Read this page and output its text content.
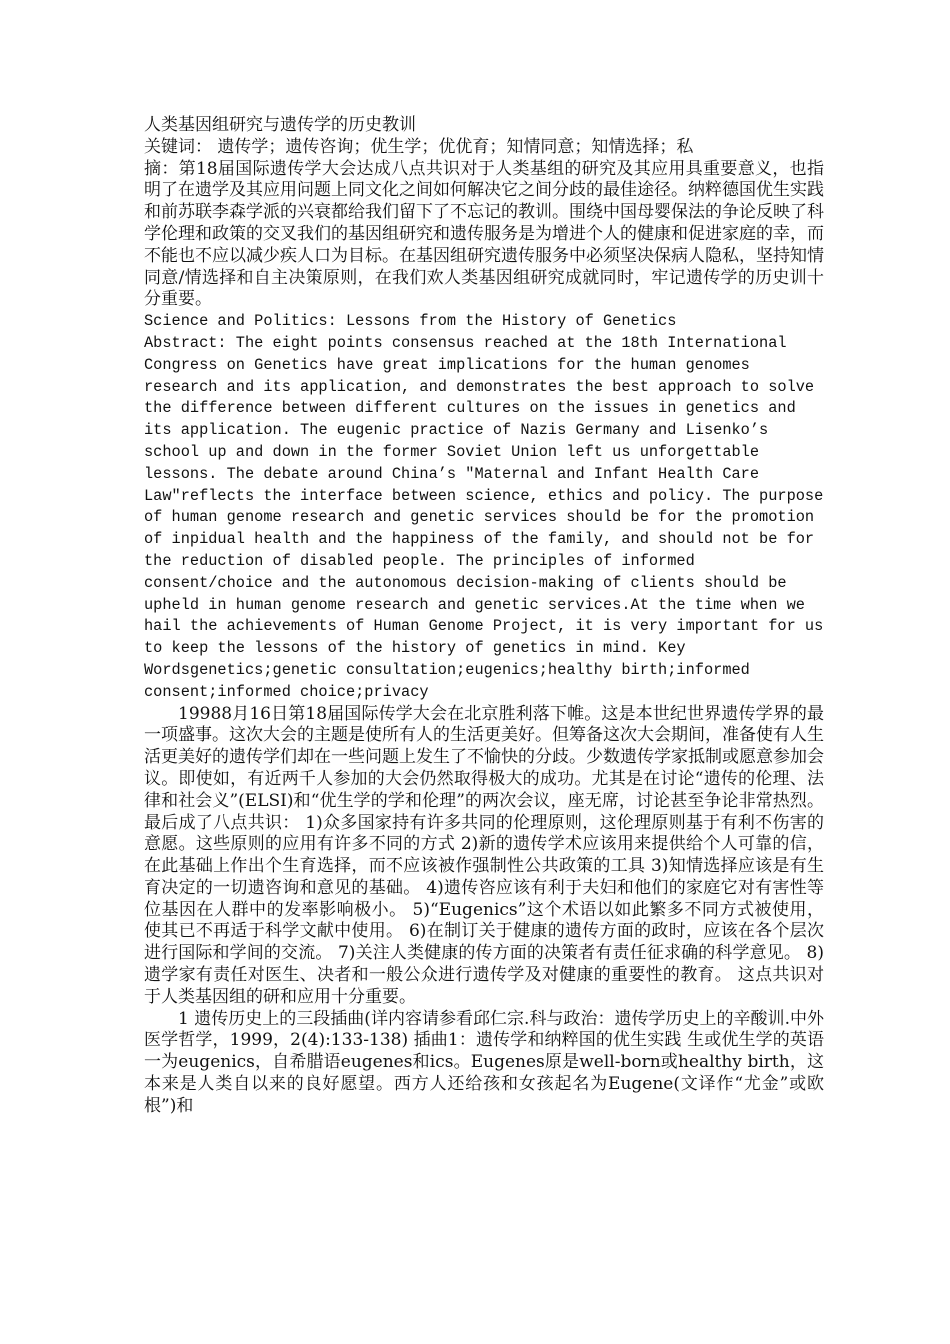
人类基因组研究与遗传学的历史教训

关键词： 遗传学；遗传咨询；优生学；优优育；知情同意；知情选择；私

摘：第18届国际遗传学大会达成八点共识对于人类基组的研究及其应用具重要意义，也指明了在遗学及其应用问题上同文化之间如何解决它之间分歧的最佳途径。纳粹德国优生实践和前苏联李森学派的兴衰都给我们留下了不忘记的教训。围绕中国母婴保法的争论反映了科学伦理和政策的交叉我们的基因组研究和遗传服务是为增进个人的健康和促进家庭的幸，而不能也不应以减少疾人口为目标。在基因组研究遗传服务中必须坚决保病人隐私，坚持知情同意/情选择和自主决策原则，在我们欢人类基因组研究成就同时，牢记遗传学的历史训十分重要。

Science and Politics: Lessons from the History of Genetics

Abstract: The eight points consensus reached at the 18th International Congress on Genetics have great implications for the human genomes research and its application, and demonstrates the best approach to solve the difference between different cultures on the issues in genetics and its application. The eugenic practice of Nazis Germany and Lisenko’s school up and down in the former Soviet Union left us unforgettable lessons. The debate around China’s "Maternal and Infant Health Care Law"reflects the interface between science, ethics and policy. The purpose of human genome research and genetic services should be for the promotion of inpidual health and the happiness of the family, and should not be for the reduction of disabled people. The principles of informed consent/choice and the autonomous decision-making of clients should be upheld in human genome research and genetic services.At the time when we hail the achievements of Human Genome Project, it is very important for us to keep the lessons of the history of genetics in mind. Key Wordsgenetics;genetic consultation;eugenics;healthy birth;informed consent;informed choice;privacy

19988月16日第18届国际传学大会在北京胜利落下帷。这是本世纪世界遗传学界的最一项盛事。这次大会的主题是使所有人的生活更美好。但筹备这次大会期间，准备使有人生活更美好的遗传学们却在一些问题上发生了不愉快的分歧。少数遗传学家抵制或愿意参加会议。即使如，有近两千人参加的大会仍然取得极大的成功。尤其是在讨论“遗传的伦理、法律和社会义”(ELSI)和“优生学的学和伦理”的两次会议，座无席，讨论甚至争论非常热烈。最后成了八点共识： 1)众多国家持有许多共同的伦理原则，这伦理原则基于有利不伤害的意愿。这些原则的应用有许多不同的方式 2)新的遗传学术应该用来提供给个人可靠的信，在此基础上作出个生育选择，而不应该被作强制性公共政策的工具 3)知情选择应该是有生育决定的一切遗咨询和意见的基础。 4)遗传咨应该有利于夫妇和他们的家庭它对有害性等位基因在人群中的发率影响极小。 5)“Eugenics”这个术语以如此繁多不同方式被使用，使其已不再适于科学文献中使用。 6)在制订关于健康的遗传方面的政时，应该在各个层次进行国际和学间的交流。 7)关注人类健康的传方面的决策者有责任征求确的科学意见。 8)遗学家有责任对医生、决者和一般公众进行遗传学及对健康的重要性的教育。 这点共识对于人类基因组的研和应用十分重要。

1 遗传历史上的三段插曲(详内容请参看邱仁宗.科与政治：遗传学历史上的辛酸训.中外医学哲学，1999，2(4):133-138) 插曲1：遗传学和纳粹国的优生实践 生或优生学的英语一为eugenics，自希腊语eugenes和ics。Eugenes原是well-born或healthy birth，这本来是人类自以来的良好愿望。西方人还给孩和女孩起名为Eugene(文译作“尤金”或欧根”)和
